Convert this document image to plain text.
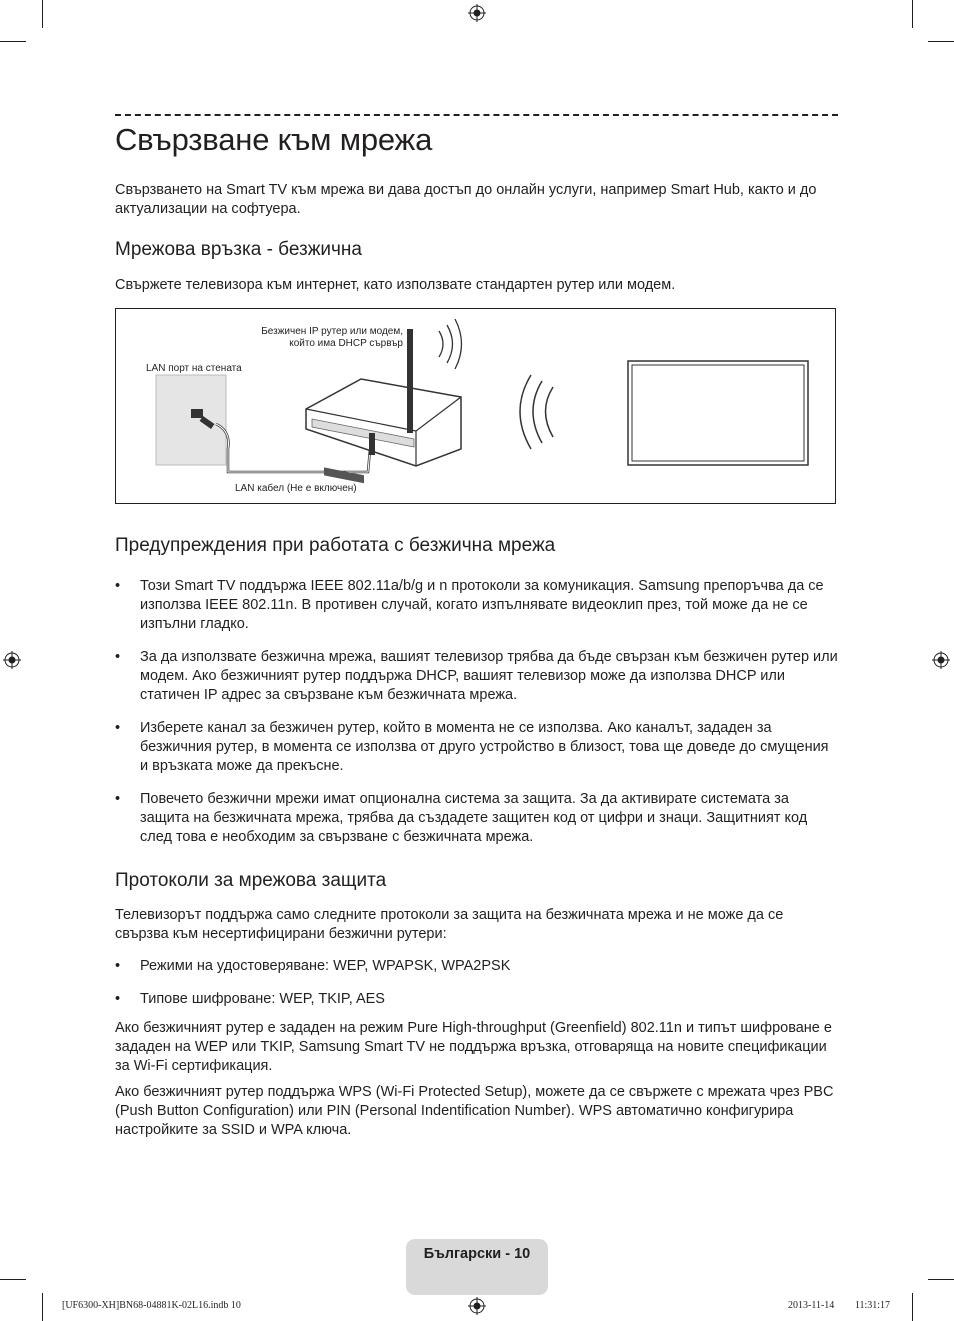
Свързване към мрежа

Свързването на Smart TV към мрежа ви дава достъп до онлайн услуги, например Smart Hub, както и до актуализации на софтуера.

Мрежова връзка - безжична

Свържете телевизора към интернет, като използвате стандартен рутер или модем.

Безжичен IP рутер или модем,
който има DHCP сървър
LAN порт на стената
LAN кабел (Не е включен)
Предупреждения при работата с безжична мрежа
• Този Smart TV поддържа IEEE 802.11a/b/g и n протоколи за комуникация. Samsung препоръчва да се използва IEEE 802.11n. В противен случай, когато изпълнявате видеоклип през, той може да не се изпълни гладко.
• За да използвате безжична мрежа, вашият телевизор трябва да бъде свързан към безжичен рутер или модем. Ако безжичният рутер поддържа DHCP, вашият телевизор може да използва DHCP или статичен IP адрес за свързване към безжичната мрежа.
• Изберете канал за безжичен рутер, който в момента не се използва. Ако каналът, зададен за безжичния рутер, в момента се използва от друго устройство в близост, това ще доведе до смущения и връзката може да прекъсне.
• Повечето безжични мрежи имат опционална система за защита. За да активирате системата за защита на безжичната мрежа, трябва да създадете защитен код от цифри и знаци. Защитният код след това е необходим за свързване с безжичната мрежа.
Протоколи за мрежова защита

Телевизорът поддържа само следните протоколи за защита на безжичната мрежа и не може да се свързва към несертифицирани безжични рутери:

• Режими на удостоверяване: WEP, WPAPSK, WPA2PSK
• Типове шифроване: WEP, TKIP, AES

Ако безжичният рутер е зададен на режим Pure High-throughput (Greenfield) 802.11n и типът шифроване е зададен на WEP или TKIP, Samsung Smart TV не поддържа връзка, отговаряща на новите спецификации за Wi-Fi сертификация.

Ако безжичният рутер поддържа WPS (Wi-Fi Protected Setup), можете да се свържете с мрежата чрез PBC (Push Button Configuration) или PIN (Personal Indentification Number). WPS автоматично конфигурира настройките за SSID и WPA ключа.

Български - 10
[UF6300-XH]BN68-04881K-02L16.indb 10	2013-11-14 ￿￿ 11:31:17
